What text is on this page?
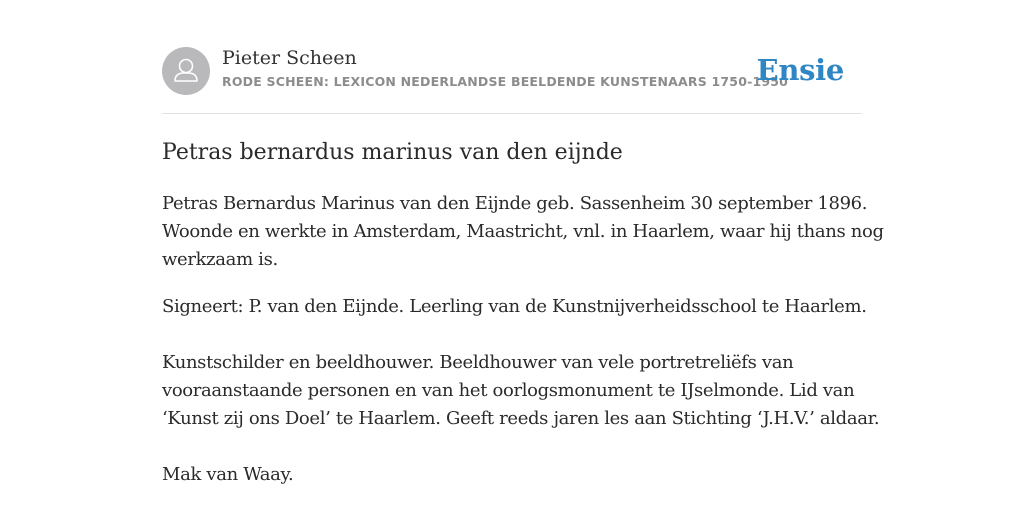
Pieter Scheen
RODE SCHEEN: LEXICON NEDERLANDSE BEELDENDE KUNSTENAARS 1750-1950
Ensie
Petras bernardus marinus van den eijnde
Petras Bernardus Marinus van den Eijnde geb. Sassenheim 30 september 1896.
Woonde en werkte in Amsterdam, Maastricht, vnl. in Haarlem, waar hij thans nog
werkzaam is.
Signeert: P. van den Eijnde. Leerling van de Kunstnijverheidsschool te Haarlem.
Kunstschilder en beeldhouwer. Beeldhouwer van vele portretreliëfs van
vooraanstaande personen en van het oorlogsmonument te IJselmonde. Lid van
‘Kunst zij ons Doel’ te Haarlem. Geeft reeds jaren les aan Stichting ‘J.H.V.’ aldaar.
Mak van Waay.
